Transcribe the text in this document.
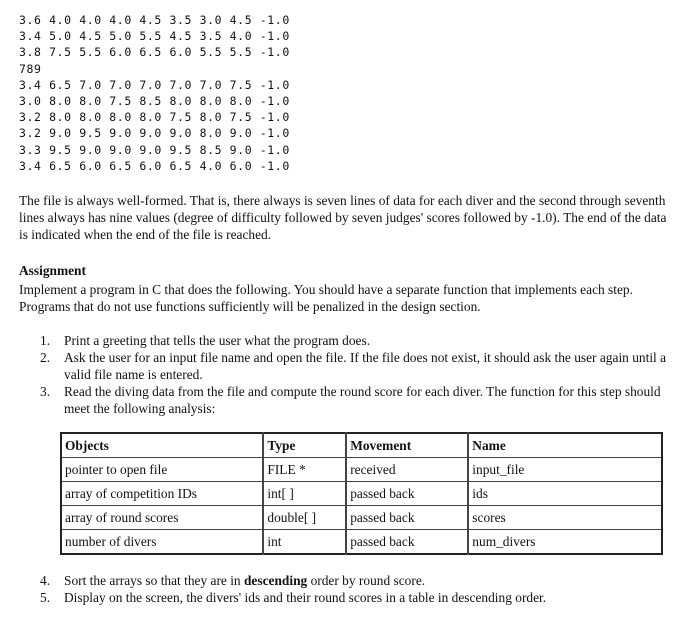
3.6 4.0 4.0 4.0 4.5 3.5 3.0 4.5 -1.0
3.4 5.0 4.5 5.0 5.5 4.5 3.5 4.0 -1.0
3.8 7.5 5.5 6.0 6.5 6.0 5.5 5.5 -1.0
789
3.4 6.5 7.0 7.0 7.0 7.0 7.0 7.5 -1.0
3.0 8.0 8.0 7.5 8.5 8.0 8.0 8.0 -1.0
3.2 8.0 8.0 8.0 8.0 7.5 8.0 7.5 -1.0
3.2 9.0 9.5 9.0 9.0 9.0 8.0 9.0 -1.0
3.3 9.5 9.0 9.0 9.0 9.5 8.5 9.0 -1.0
3.4 6.5 6.0 6.5 6.0 6.5 4.0 6.0 -1.0
The file is always well-formed. That is, there always is seven lines of data for each diver and the second through seventh lines always has nine values (degree of difficulty followed by seven judges' scores followed by -1.0). The end of the data is indicated when the end of the file is reached.
Assignment
Implement a program in C that does the following. You should have a separate function that implements each step. Programs that do not use functions sufficiently will be penalized in the design section.
1. Print a greeting that tells the user what the program does.
2. Ask the user for an input file name and open the file. If the file does not exist, it should ask the user again until a valid file name is entered.
3. Read the diving data from the file and compute the round score for each diver. The function for this step should meet the following analysis:
Objects	Type	Movement	Name
pointer to open file	FILE *	received	input_file
array of competition IDs	int[ ]	passed back	ids
array of round scores	double[ ]	passed back	scores
number of divers	int	passed back	num_divers
4. Sort the arrays so that they are in descending order by round score.
5. Display on the screen, the divers' ids and their round scores in a table in descending order.
